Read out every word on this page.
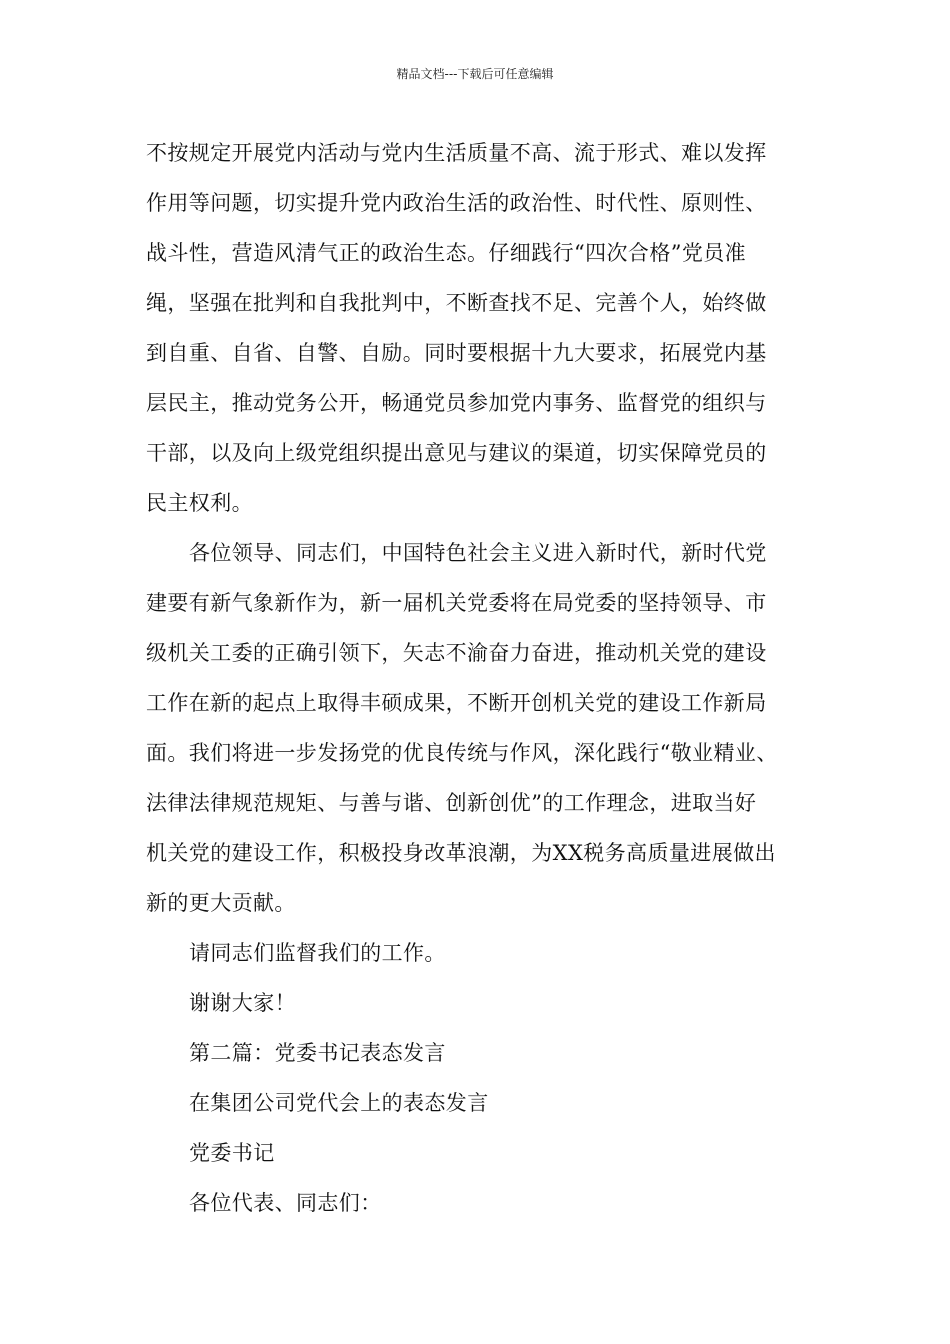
精品文档---下载后可任意编辑

不按规定开展党内活动与党内生活质量不高、流于形式、难以发挥
作用等问题，切实提升党内政治生活的政治性、时代性、原则性、
战斗性，营造风清气正的政治生态。仔细践行“四次合格”党员准
绳，坚强在批判和自我批判中，不断查找不足、完善个人，始终做
到自重、自省、自警、自励。同时要根据十九大要求，拓展党内基
层民主，推动党务公开，畅通党员参加党内事务、监督党的组织与
干部，以及向上级党组织提出意见与建议的渠道，切实保障党员的
民主权利。

各位领导、同志们，中国特色社会主义进入新时代，新时代党
建要有新气象新作为，新一届机关党委将在局党委的坚持领导、市
级机关工委的正确引领下，矢志不渝奋力奋进，推动机关党的建设
工作在新的起点上取得丰硕成果，不断开创机关党的建设工作新局
面。我们将进一步发扬党的优良传统与作风，深化践行“敬业精业、
法律法律规范规矩、与善与谐、创新创优”的工作理念，进取当好
机关党的建设工作，积极投身改革浪潮，为XX税务高质量进展做出
新的更大贡献。

请同志们监督我们的工作。

谢谢大家！

第二篇：党委书记表态发言

在集团公司党代会上的表态发言

党委书记

各位代表、同志们：
